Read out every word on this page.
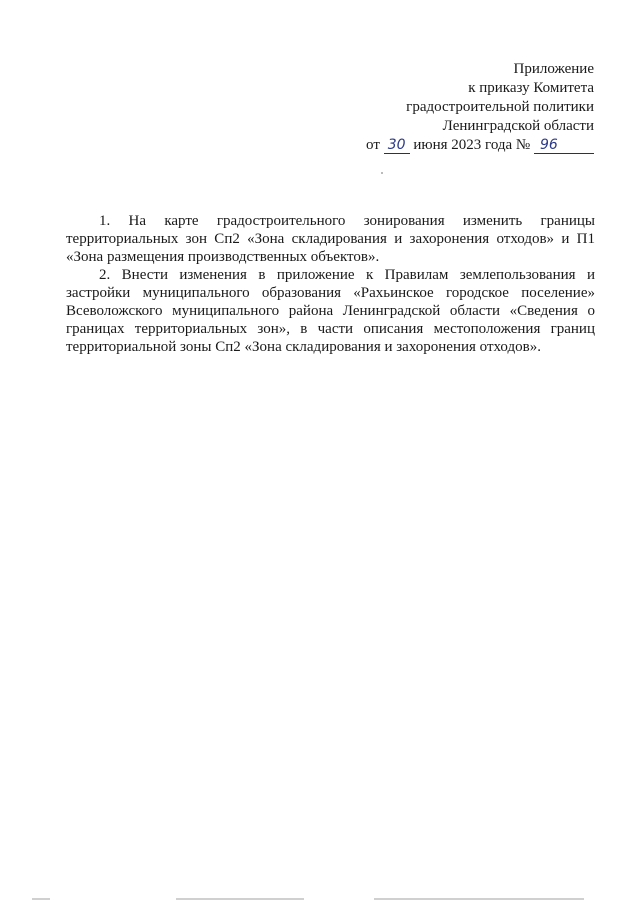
Приложение
к приказу Комитета
градостроительной политики
Ленинградской области
от 30 июня 2023 года № 96

1. На карте градостроительного зонирования изменить границы территориальных зон Сп2 «Зона складирования и захоронения отходов» и П1 «Зона размещения производственных объектов».

2. Внести изменения в приложение к Правилам землепользования и застройки муниципального образования «Рахьинское городское поселение» Всеволожского муниципального района Ленинградской области «Сведения о границах территориальных зон», в части описания местоположения границ территориальной зоны Сп2 «Зона складирования и захоронения отходов».
